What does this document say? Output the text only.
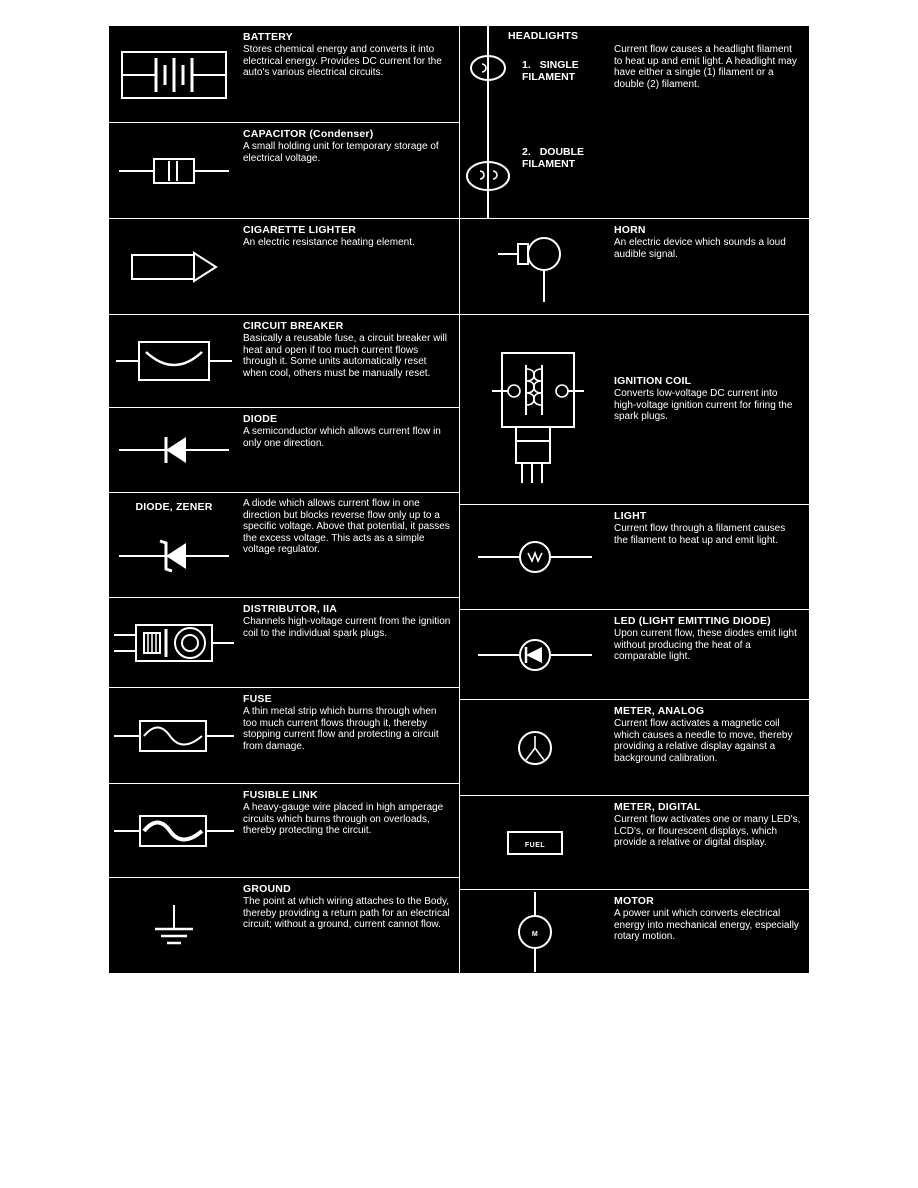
BATTERY

Stores chemical energy and converts it into electrical energy. Provides DC current for the auto's various electrical circuits.

CAPACITOR (Condenser)

A small holding unit for temporary storage of electrical voltage.

CIGARETTE LIGHTER

An electric resistance heating element.

CIRCUIT BREAKER

Basically a reusable fuse, a circuit breaker will heat and open if too much current flows through it. Some units automatically reset when cool, others must be manually reset.

DIODE

A semiconductor which allows current flow in only one direction.

DIODE, ZENER	A diode which allows current flow in one direction but blocks reverse flow only up to a specific voltage. Above that potential, it passes the excess voltage. This acts as a simple voltage regulator.

DISTRIBUTOR, IIA

Channels high-voltage current from the ignition coil to the individual spark plugs.

FUSE

A thin metal strip which burns through when too much current flows through it, thereby stopping current flow and protecting a circuit from damage.

FUSIBLE LINK

A heavy-gauge wire placed in high amperage circuits which burns through on overloads, thereby protecting the circuit.

GROUND

The point at which wiring attaches to the Body, thereby providing a return path for an electrical circuit; without a ground, current cannot flow.

HEADLIGHTS
1. SINGLE FILAMENT
2. DOUBLE FILAMENT

Current flow causes a headlight filament to heat up and emit light. A headlight may have either a single (1) filament or a double (2) filament.

HORN

An electric device which sounds a loud audible signal.

IGNITION COIL

Converts low-voltage DC current into high-voltage ignition current for firing the spark plugs.

LIGHT

Current flow through a filament causes the filament to heat up and emit light.

LED (LIGHT EMITTING DIODE)

Upon current flow, these diodes emit light without producing the heat of a comparable light.

METER, ANALOG

Current flow activates a magnetic coil which causes a needle to move, thereby providing a relative display against a background calibration.

FUEL

METER, DIGITAL

Current flow activates one or many LED's, LCD's, or flourescent displays, which provide a relative or digital display.

M

MOTOR

A power unit which converts electrical energy into mechanical energy, especially rotary motion.
